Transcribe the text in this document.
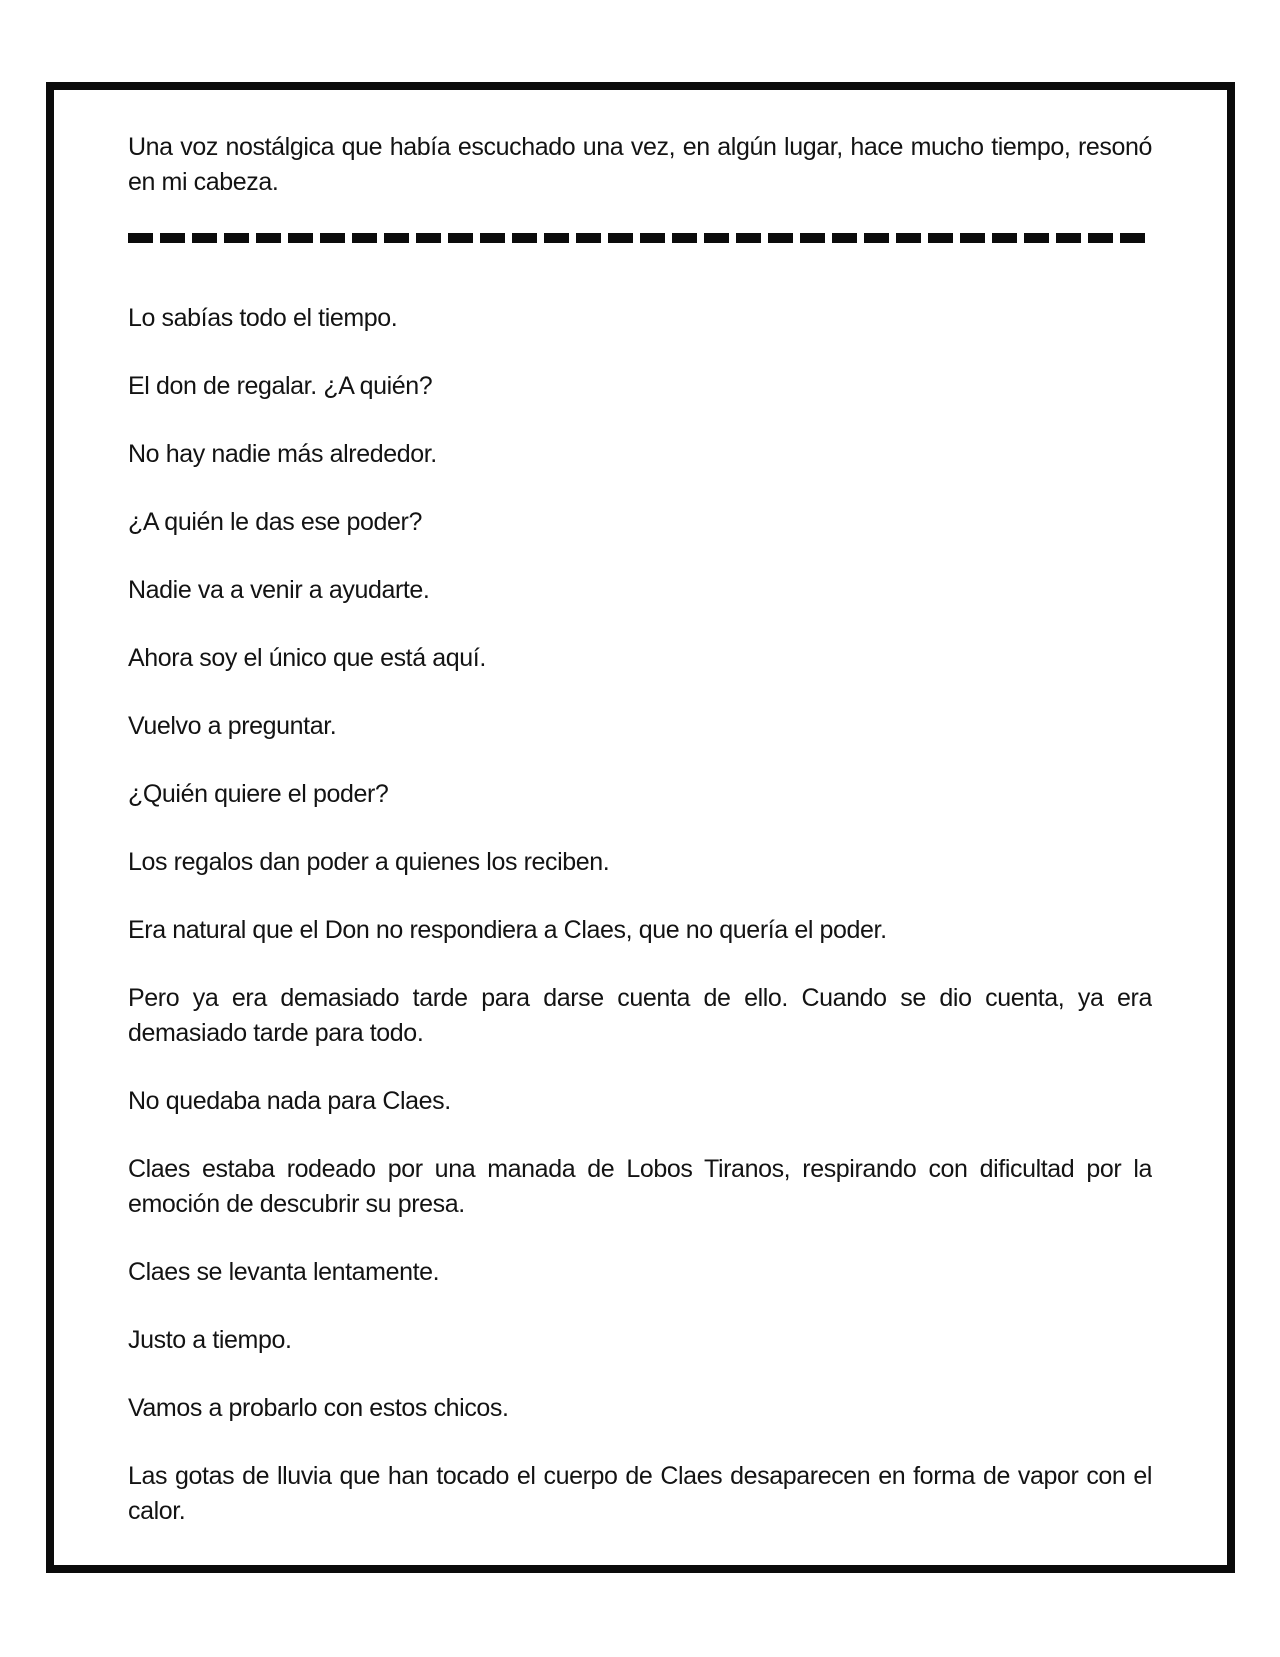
Una voz nostálgica que había escuchado una vez, en algún lugar, hace mucho tiempo, resonó
en mi cabeza.
Lo sabías todo el tiempo.
El don de regalar. ¿A quién?
No hay nadie más alrededor.
¿A quién le das ese poder?
Nadie va a venir a ayudarte.
Ahora soy el único que está aquí.
Vuelvo a preguntar.
¿Quién quiere el poder?
Los regalos dan poder a quienes los reciben.
Era natural que el Don no respondiera a Claes, que no quería el poder.
Pero ya era demasiado tarde para darse cuenta de ello. Cuando se dio cuenta, ya era
demasiado tarde para todo.
No quedaba nada para Claes.
Claes estaba rodeado por una manada de Lobos Tiranos, respirando con dificultad por la
emoción de descubrir su presa.
Claes se levanta lentamente.
Justo a tiempo.
Vamos a probarlo con estos chicos.
Las gotas de lluvia que han tocado el cuerpo de Claes desaparecen en forma de vapor con el
calor.
